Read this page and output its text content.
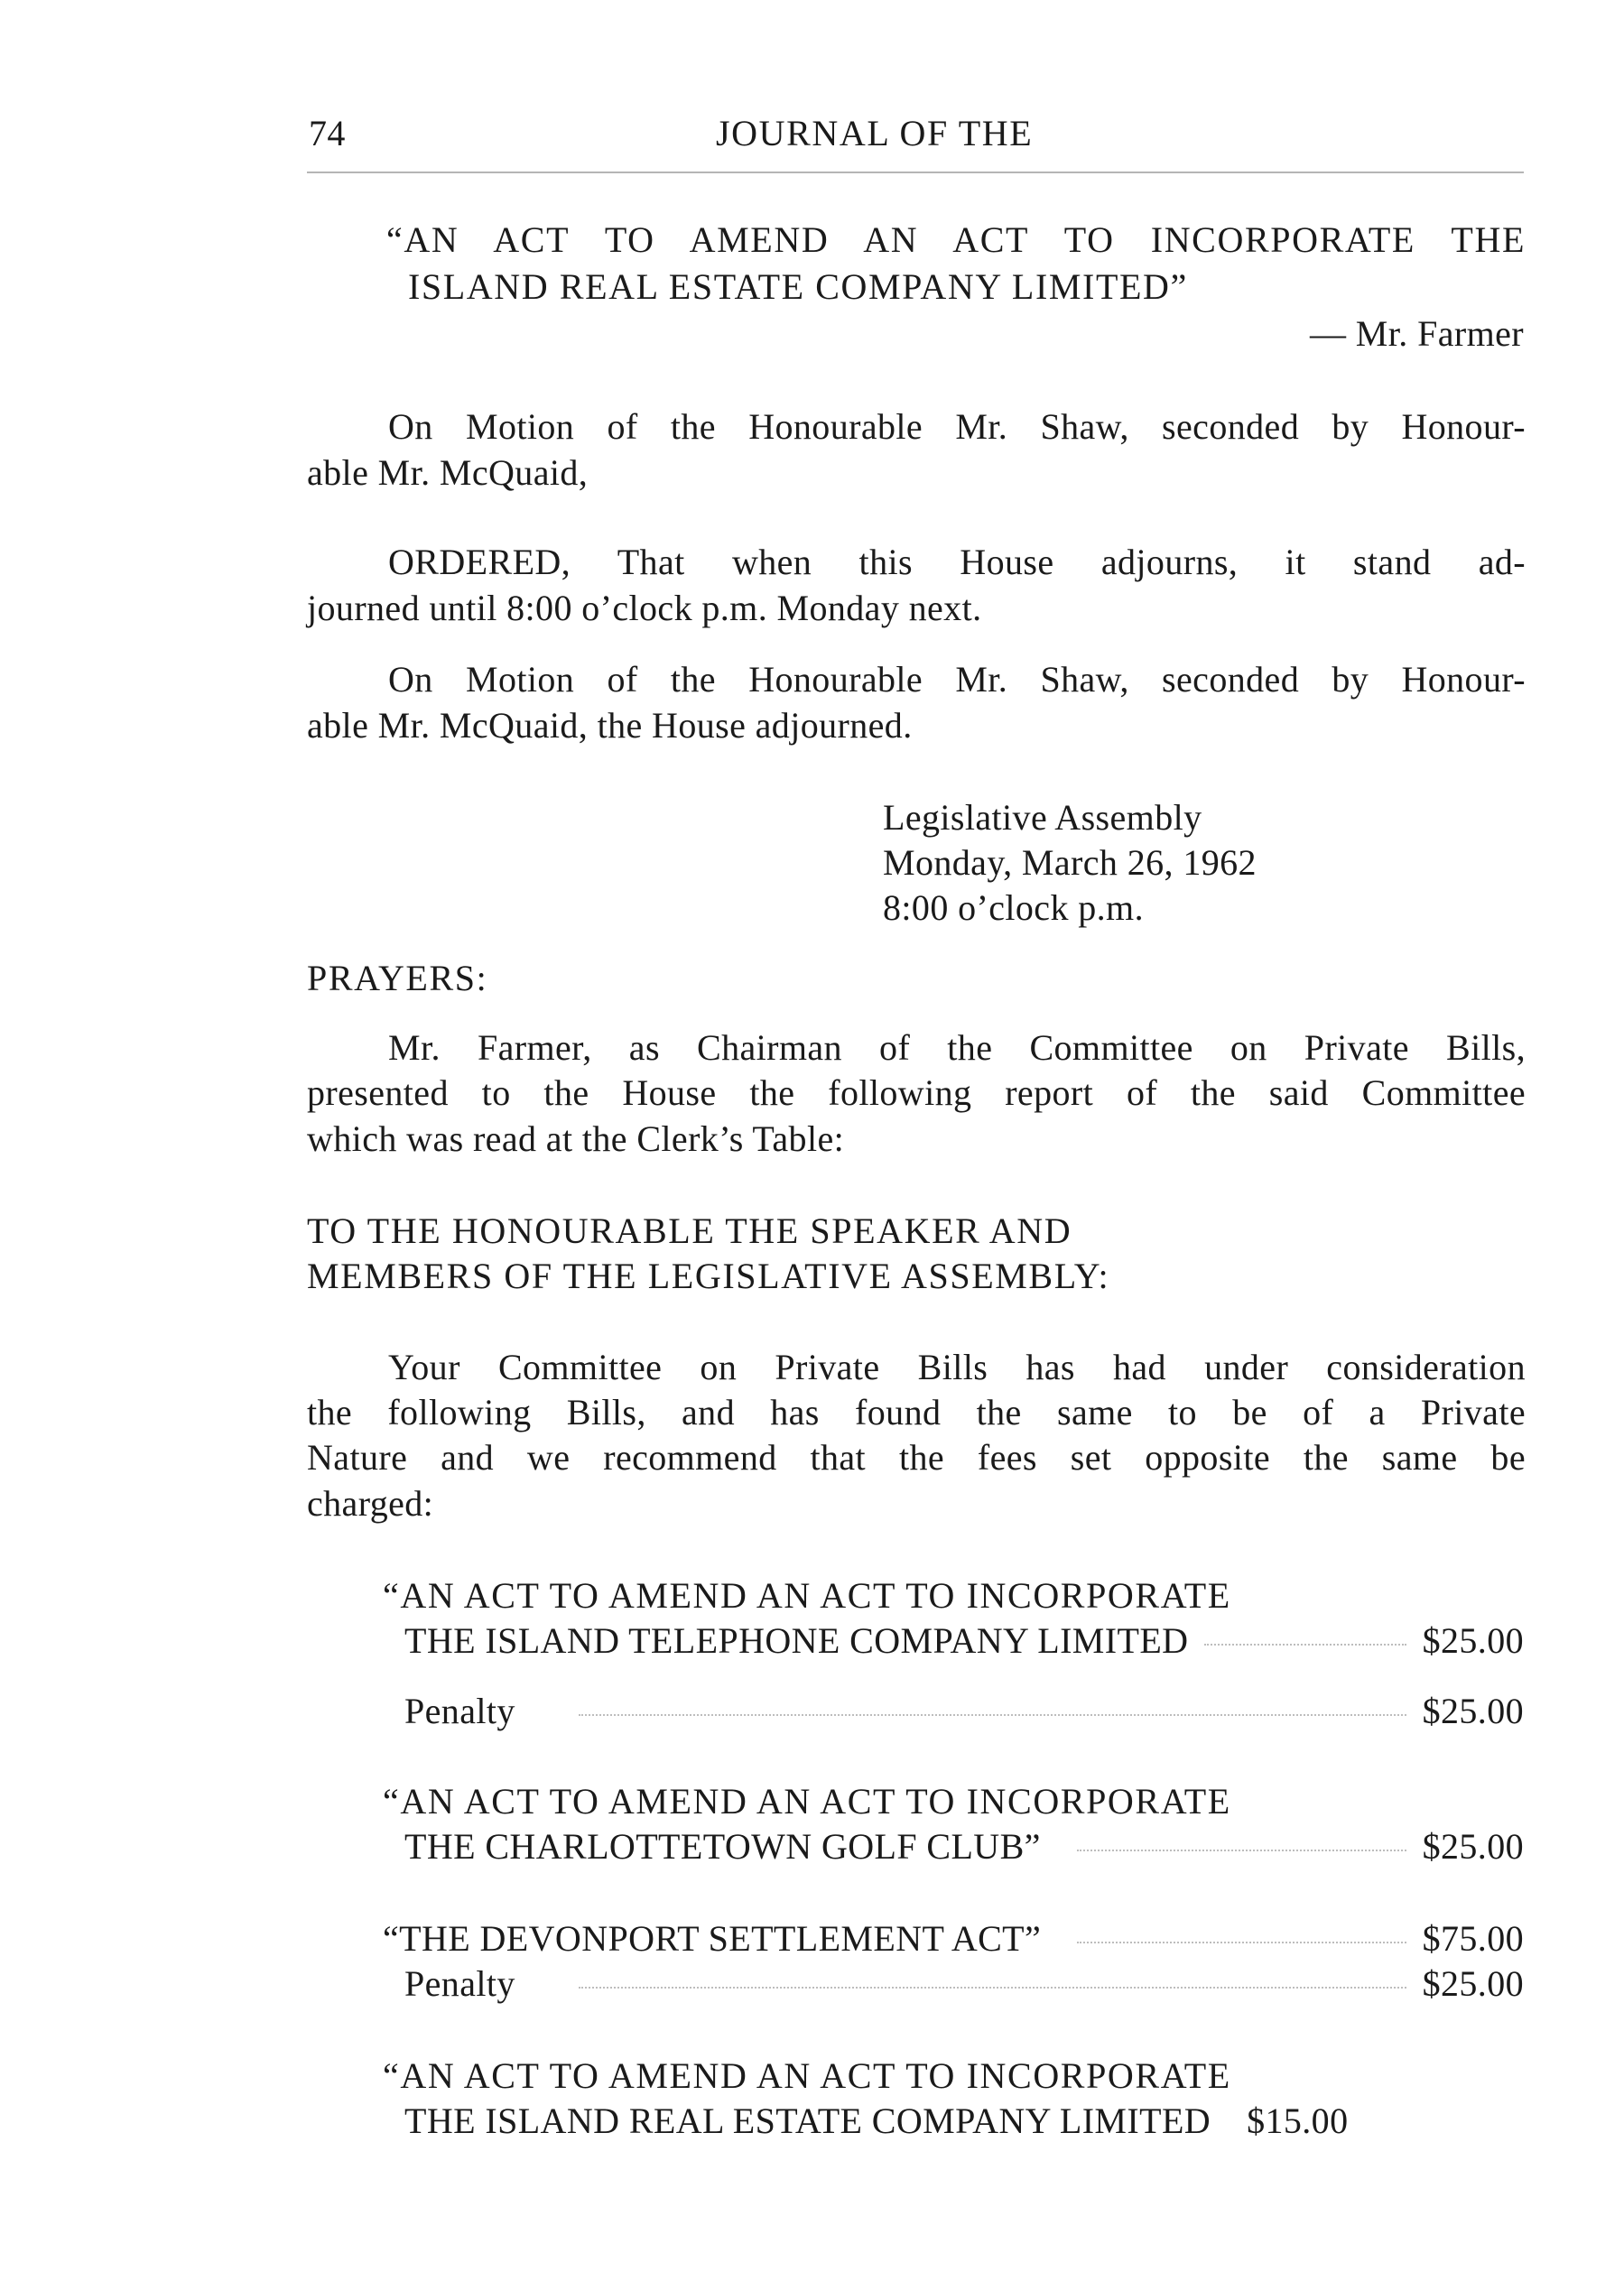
74	JOURNAL OF THE
“AN ACT TO AMEND AN ACT TO INCORPORATE THE
ISLAND REAL ESTATE COMPANY LIMITED”
— Mr. Farmer
On Motion of the Honourable Mr. Shaw, seconded by Honour-
able Mr. McQuaid,
ORDERED, That when this House adjourns, it stand ad-
journed until 8:00 o’clock p.m. Monday next.
On Motion of the Honourable Mr. Shaw, seconded by Honour-
able Mr. McQuaid, the House adjourned.
Legislative Assembly
Monday, March 26, 1962
8:00 o’clock p.m.
PRAYERS:
Mr. Farmer, as Chairman of the Committee on Private Bills,
presented to the House the following report of the said Committee
which was read at the Clerk’s Table:
TO THE HONOURABLE THE SPEAKER AND
MEMBERS OF THE LEGISLATIVE ASSEMBLY:
Your Committee on Private Bills has had under consideration
the following Bills, and has found the same to be of a Private
Nature and we recommend that the fees set opposite the same be
charged:
“AN ACT TO AMEND AN ACT TO INCORPORATE
THE ISLAND TELEPHONE COMPANY LIMITED	$25.00
Penalty	$25.00
“AN ACT TO AMEND AN ACT TO INCORPORATE
THE CHARLOTTETOWN GOLF CLUB”	$25.00
“THE DEVONPORT SETTLEMENT ACT”	$75.00
Penalty	$25.00
“AN ACT TO AMEND AN ACT TO INCORPORATE
THE ISLAND REAL ESTATE COMPANY LIMITED $15.00
